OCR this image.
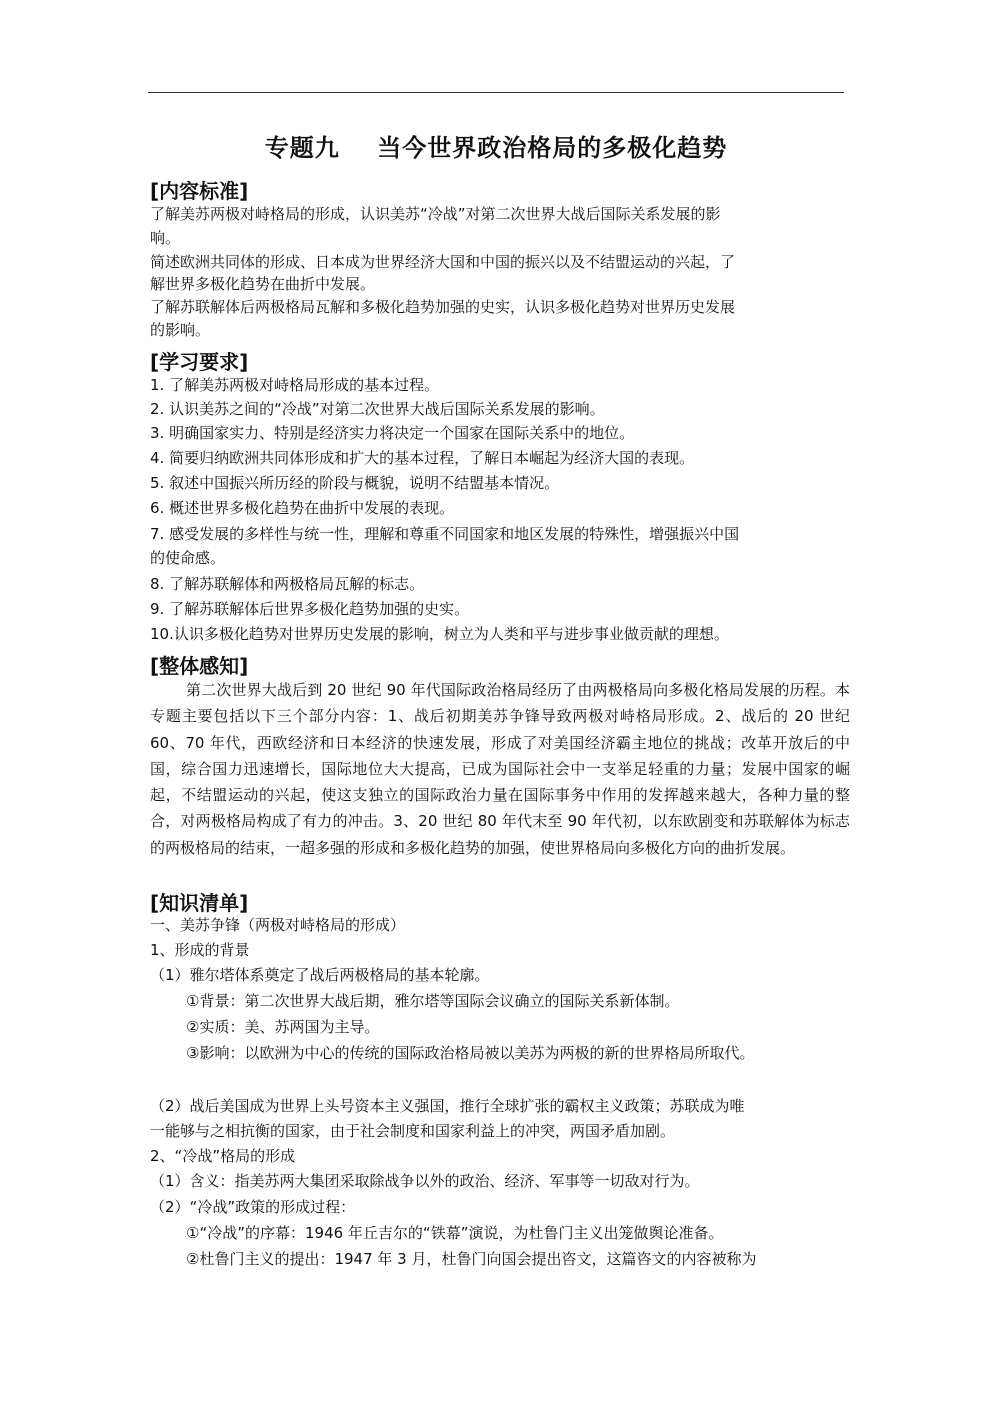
专题九    当今世界政治格局的多极化趋势
[内容标准]
了解美苏两极对峙格局的形成，认识美苏“冷战”对第二次世界大战后国际关系发展的影
响。
简述欧洲共同体的形成、日本成为世界经济大国和中国的振兴以及不结盟运动的兴起，了
解世界多极化趋势在曲折中发展。
了解苏联解体后两极格局瓦解和多极化趋势加强的史实，认识多极化趋势对世界历史发展
的影响。
[学习要求]
1. 了解美苏两极对峙格局形成的基本过程。
2. 认识美苏之间的“冷战”对第二次世界大战后国际关系发展的影响。
3. 明确国家实力、特别是经济实力将决定一个国家在国际关系中的地位。
4. 简要归纳欧洲共同体形成和扩大的基本过程，了解日本崛起为经济大国的表现。
5. 叙述中国振兴所历经的阶段与概貌，说明不结盟基本情况。
6. 概述世界多极化趋势在曲折中发展的表现。
7. 感受发展的多样性与统一性，理解和尊重不同国家和地区发展的特殊性，增强振兴中国
的使命感。
8. 了解苏联解体和两极格局瓦解的标志。
9. 了解苏联解体后世界多极化趋势加强的史实。
10.认识多极化趋势对世界历史发展的影响，树立为人类和平与进步事业做贡献的理想。
[整体感知]
第二次世界大战后到 20 世纪 90 年代国际政治格局经历了由两极格局向多极化格局发展的历程。本专题主要包括以下三个部分内容：1、战后初期美苏争锋导致两极对峙格局形成。2、战后的 20 世纪 60、70 年代，西欧经济和日本经济的快速发展，形成了对美国经济霸主地位的挑战；改革开放后的中国，综合国力迅速增长，国际地位大大提高，已成为国际社会中一支举足轻重的力量；发展中国家的崛起，不结盟运动的兴起，使这支独立的国际政治力量在国际事务中作用的发挥越来越大，各种力量的整合，对两极格局构成了有力的冲击。3、20 世纪 80 年代末至 90 年代初，以东欧剧变和苏联解体为标志的两极格局的结束，一超多强的形成和多极化趋势的加强，使世界格局向多极化方向的曲折发展。
[知识清单]
一、美苏争锋（两极对峙格局的形成）
1、形成的背景
（1）雅尔塔体系奠定了战后两极格局的基本轮廓。
①背景：第二次世界大战后期，雅尔塔等国际会议确立的国际关系新体制。
②实质：美、苏两国为主导。
③影响：以欧洲为中心的传统的国际政治格局被以美苏为两极的新的世界格局所取代。
（2）战后美国成为世界上头号资本主义强国，推行全球扩张的霸权主义政策；苏联成为唯
一能够与之相抗衡的国家，由于社会制度和国家利益上的冲突，两国矛盾加剧。
2、“冷战”格局的形成
（1）含义：指美苏两大集团采取除战争以外的政治、经济、军事等一切敌对行为。
（2）“冷战”政策的形成过程：
①“冷战”的序幕：1946 年丘吉尔的“铁幕”演说，为杜鲁门主义出笼做舆论准备。
②杜鲁门主义的提出：1947 年 3 月，杜鲁门向国会提出咨文，这篇咨文的内容被称为
